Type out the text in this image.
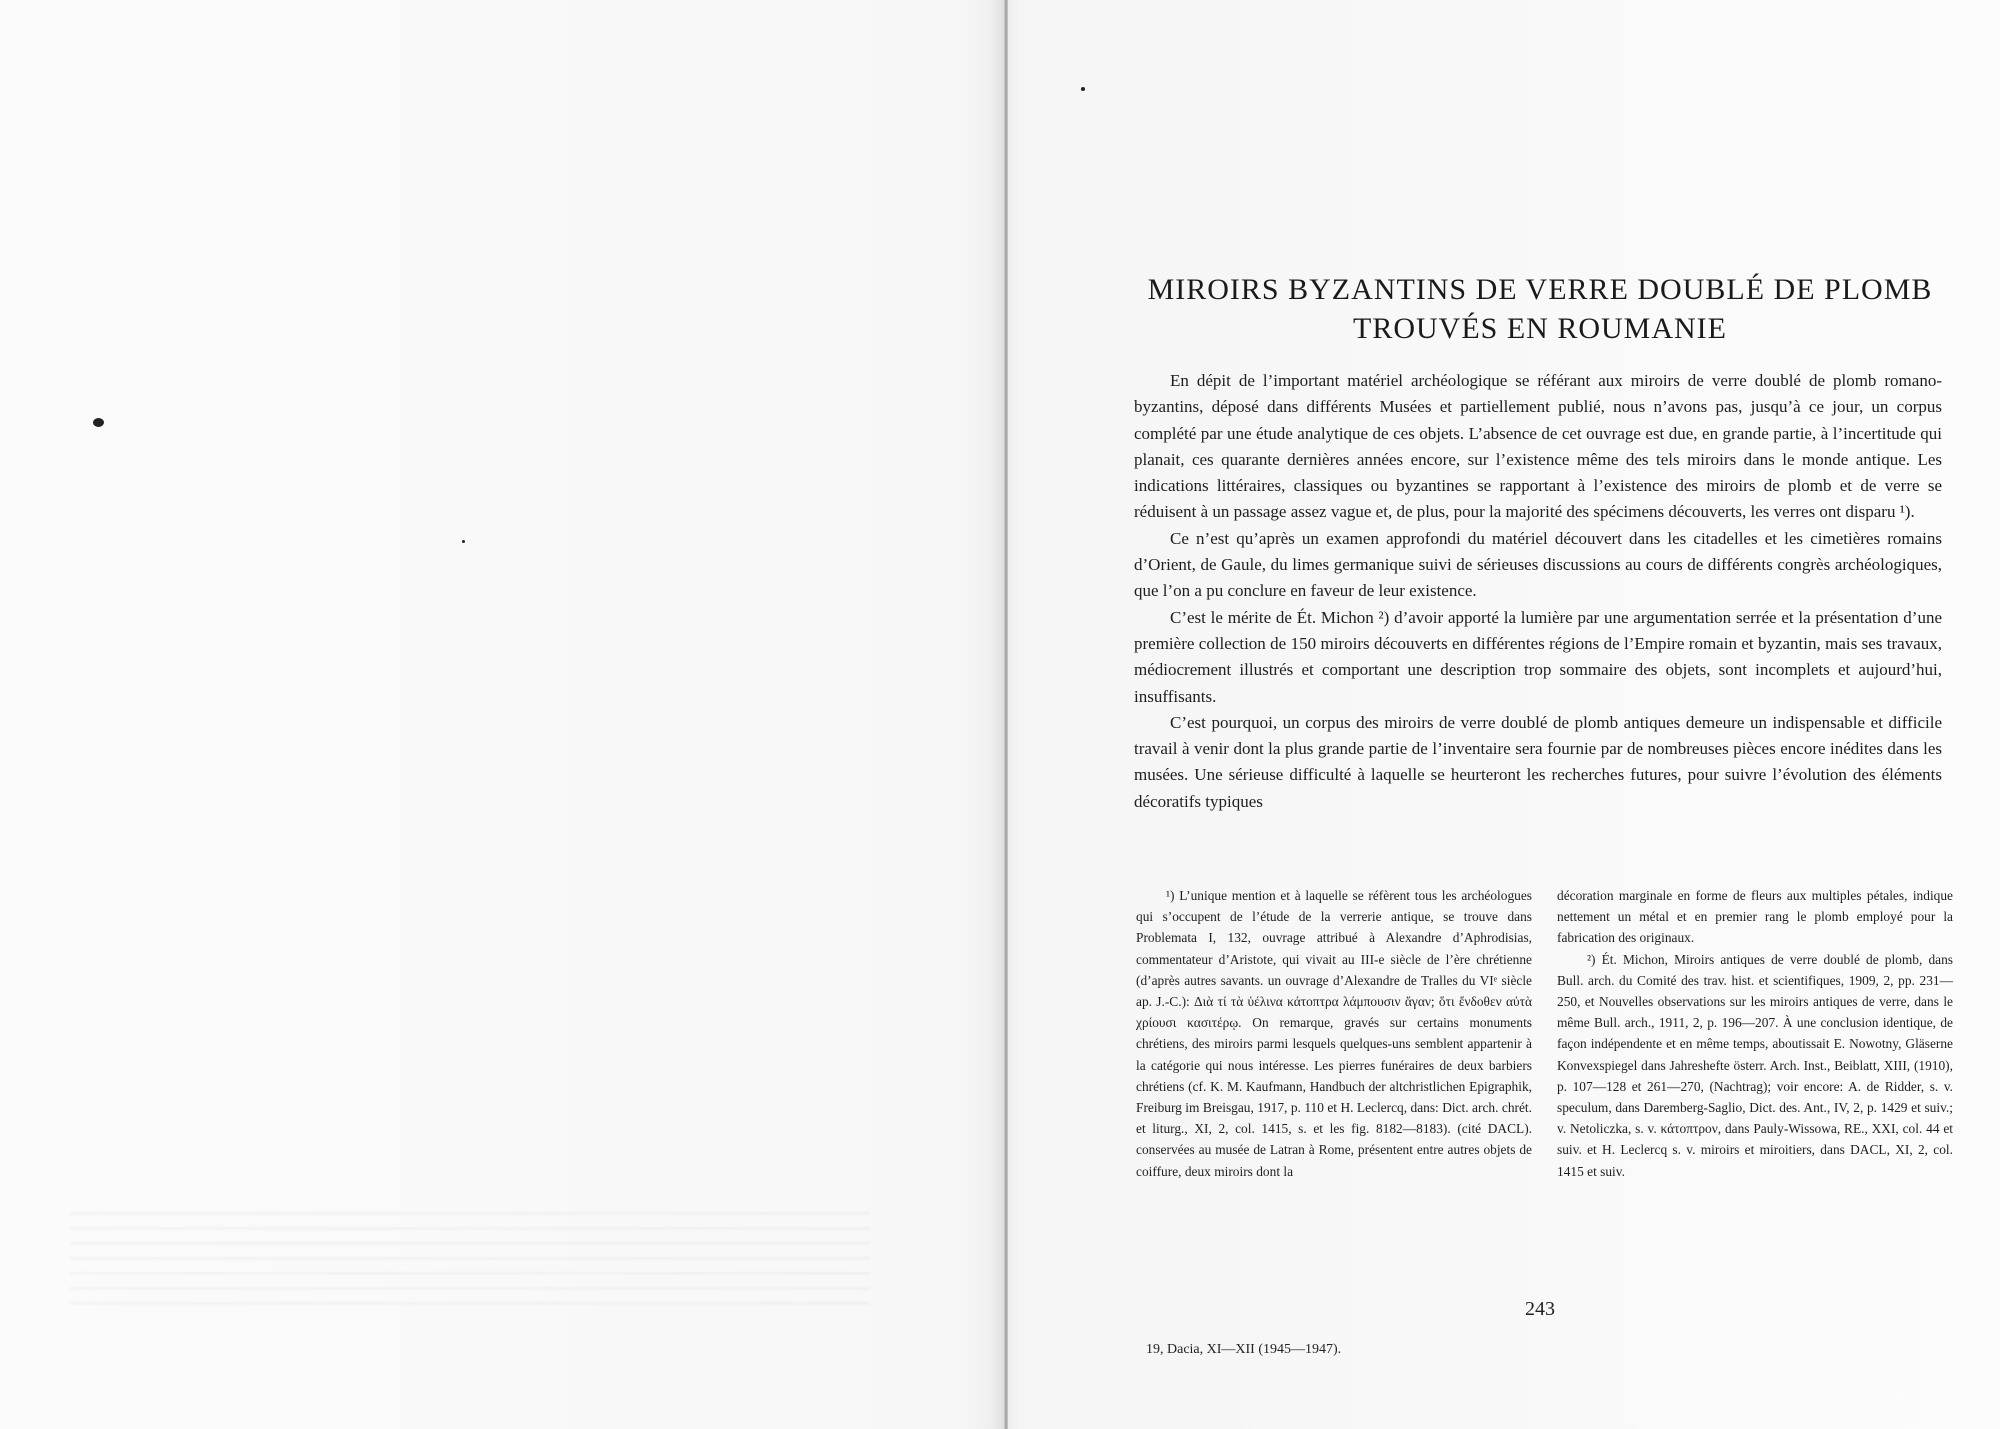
MIROIRS BYZANTINS DE VERRE DOUBLÉ DE PLOMB
TROUVÉS EN ROUMANIE

En dépit de l’important matériel archéologique se référant aux miroirs de verre doublé de plomb romano-byzantins, déposé dans différents Musées et partiellement publié, nous n’avons pas, jusqu’à ce jour, un corpus complété par une étude analytique de ces objets. L’absence de cet ouvrage est due, en grande partie, à l’incertitude qui planait, ces quarante dernières années encore, sur l’existence même des tels miroirs dans le monde antique. Les indications littéraires, classiques ou byzantines se rapportant à l’existence des miroirs de plomb et de verre se réduisent à un passage assez vague et, de plus, pour la majorité des spécimens découverts, les verres ont disparu ¹).

Ce n’est qu’après un examen approfondi du matériel découvert dans les citadelles et les cimetières romains d’Orient, de Gaule, du limes germanique suivi de sérieuses discussions au cours de différents congrès archéologiques, que l’on a pu conclure en faveur de leur existence.

C’est le mérite de Ét. Michon ²) d’avoir apporté la lumière par une argumentation serrée et la présentation d’une première collection de 150 miroirs découverts en différentes régions de l’Empire romain et byzantin, mais ses travaux, médiocrement illustrés et comportant une description trop sommaire des objets, sont incomplets et aujourd’hui, insuffisants.

C’est pourquoi, un corpus des miroirs de verre doublé de plomb antiques demeure un indispensable et difficile travail à venir dont la plus grande partie de l’inventaire sera fournie par de nombreuses pièces encore inédites dans les musées. Une sérieuse difficulté à laquelle se heurteront les recherches futures, pour suivre l’évolution des éléments décoratifs typiques

¹) L’unique mention et à laquelle se réfèrent tous les archéologues qui s’occupent de l’étude de la verrerie antique, se trouve dans Problemata I, 132, ouvrage attribué à Alexandre d’Aphrodisias, commentateur d’Aristote, qui vivait au III-e siècle de l’ère chrétienne (d’après autres savants. un ouvrage d’Alexandre de Tralles du VIᵉ siècle ap. J.-C.): Διὰ τί τὰ ὑέλινα κάτοπτρα λάμπουσιν ἄγαν; ὅτι ἔνδοθεν αὐτὰ χρίουσι κασιτέρῳ. On remarque, gravés sur certains monuments chrétiens, des miroirs parmi lesquels quelques-uns semblent appartenir à la catégorie qui nous intéresse. Les pierres funéraires de deux barbiers chrétiens (cf. K. M. Kaufmann, Handbuch der altchristlichen Epigraphik, Freiburg im Breisgau, 1917, p. 110 et H. Leclercq, dans: Dict. arch. chrét. et liturg., XI, 2, col. 1415, s. et les fig. 8182—8183). (cité DACL). conservées au musée de Latran à Rome, présentent entre autres objets de coiffure, deux miroirs dont la

décoration marginale en forme de fleurs aux multiples pétales, indique nettement un métal et en premier rang le plomb employé pour la fabrication des originaux.

²) Ét. Michon, Miroirs antiques de verre doublé de plomb, dans Bull. arch. du Comité des trav. hist. et scientifiques, 1909, 2, pp. 231—250, et Nouvelles observations sur les miroirs antiques de verre, dans le même Bull. arch., 1911, 2, p. 196—207. À une conclusion identique, de façon indépendente et en même temps, aboutissait E. Nowotny, Gläserne Konvexspiegel dans Jahreshefte österr. Arch. Inst., Beiblatt, XIII, (1910), p. 107—128 et 261—270, (Nachtrag); voir encore: A. de Ridder, s. v. speculum, dans Daremberg-Saglio, Dict. des. Ant., IV, 2, p. 1429 et suiv.; v. Netoliczka, s. v. κάτοπτρον, dans Pauly-Wissowa, RE., XXI, col. 44 et suiv. et H. Leclercq s. v. miroirs et miroitiers, dans DACL, XI, 2, col. 1415 et suiv.

243
19, Dacia, XI—XII (1945—1947).
